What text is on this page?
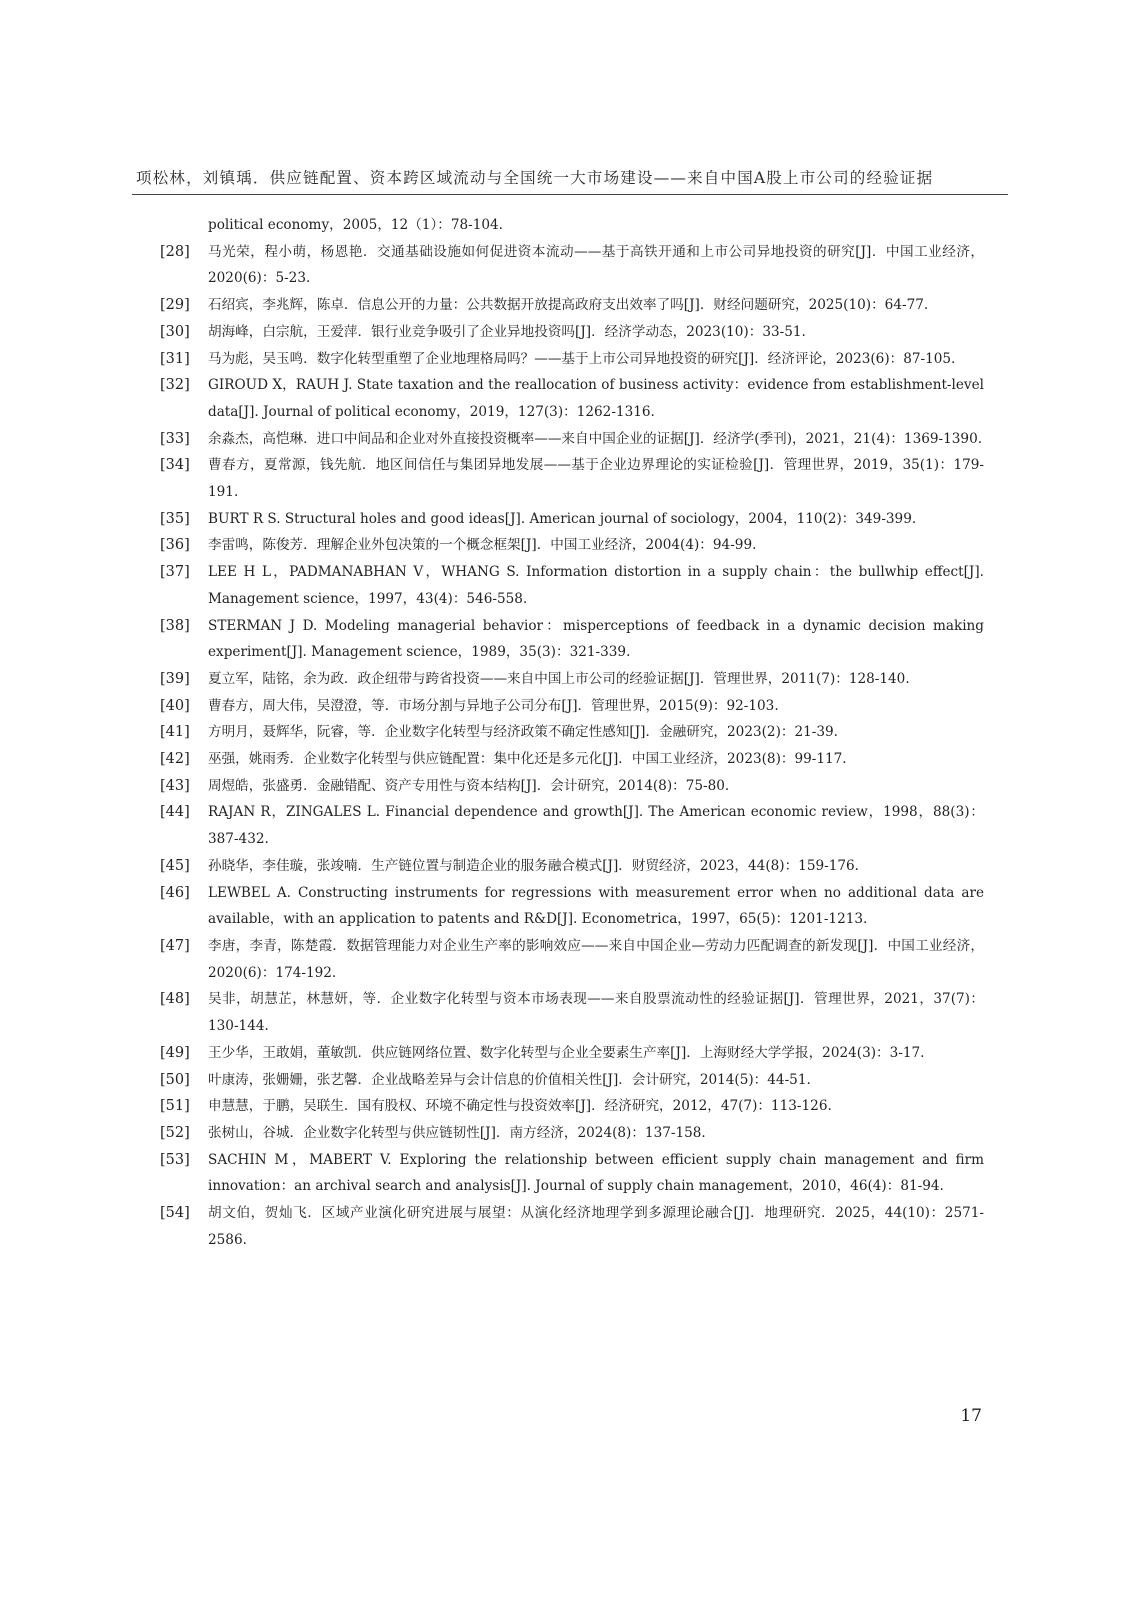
项松林，刘镇瑀．供应链配置、资本跨区域流动与全国统一大市场建设——来自中国A股上市公司的经验证据
political economy，2005，12（1）：78-104.
[28] 马光荣，程小萌，杨恩艳．交通基础设施如何促进资本流动——基于高铁开通和上市公司异地投资的研究[J]．中国工业经济，2020(6)：5-23.
[29] 石绍宾，李兆辉，陈卓．信息公开的力量：公共数据开放提高政府支出效率了吗[J]．财经问题研究，2025(10)：64-77.
[30] 胡海峰，白宗航，王爱萍．银行业竞争吸引了企业异地投资吗[J]．经济学动态，2023(10)：33-51.
[31] 马为彪，吴玉鸣．数字化转型重塑了企业地理格局吗？——基于上市公司异地投资的研究[J]．经济评论，2023(6)：87-105.
[32] GIROUD X，RAUH J. State taxation and the reallocation of business activity：evidence from establishment-level data[J]. Journal of political economy，2019，127(3)：1262-1316.
[33] 余淼杰，高恺琳．进口中间品和企业对外直接投资概率——来自中国企业的证据[J]．经济学(季刊)，2021，21(4)：1369-1390.
[34] 曹春方，夏常源，钱先航．地区间信任与集团异地发展——基于企业边界理论的实证检验[J]．管理世界，2019，35(1)：179-191.
[35] BURT R S. Structural holes and good ideas[J]. American journal of sociology，2004，110(2)：349-399.
[36] 李雷鸣，陈俊芳．理解企业外包决策的一个概念框架[J]．中国工业经济，2004(4)：94-99.
[37] LEE H L，PADMANABHAN V，WHANG S. Information distortion in a supply chain：the bullwhip effect[J]. Management science，1997，43(4)：546-558.
[38] STERMAN J D. Modeling managerial behavior：misperceptions of feedback in a dynamic decision making experiment[J]. Management science，1989，35(3)：321-339.
[39] 夏立军，陆铭，余为政．政企纽带与跨省投资——来自中国上市公司的经验证据[J]．管理世界，2011(7)：128-140.
[40] 曹春方，周大伟，吴澄澄，等．市场分割与异地子公司分布[J]．管理世界，2015(9)：92-103.
[41] 方明月，聂辉华，阮睿，等．企业数字化转型与经济政策不确定性感知[J]．金融研究，2023(2)：21-39.
[42] 巫强，姚雨秀．企业数字化转型与供应链配置：集中化还是多元化[J]．中国工业经济，2023(8)：99-117.
[43] 周煜皓，张盛勇．金融错配、资产专用性与资本结构[J]．会计研究，2014(8)：75-80.
[44] RAJAN R，ZINGALES L. Financial dependence and growth[J]. The American economic review，1998，88(3)：387-432.
[45] 孙晓华，李佳璇，张竣喃．生产链位置与制造企业的服务融合模式[J]．财贸经济，2023，44(8)：159-176.
[46] LEWBEL A. Constructing instruments for regressions with measurement error when no additional data are available，with an application to patents and R&D[J]. Econometrica，1997，65(5)：1201-1213.
[47] 李唐，李青，陈楚霞．数据管理能力对企业生产率的影响效应——来自中国企业—劳动力匹配调查的新发现[J]．中国工业经济，2020(6)：174-192.
[48] 吴非，胡慧芷，林慧妍，等．企业数字化转型与资本市场表现——来自股票流动性的经验证据[J]．管理世界，2021，37(7)：130-144.
[49] 王少华，王敢娟，董敏凯．供应链网络位置、数字化转型与企业全要素生产率[J]．上海财经大学学报，2024(3)：3-17.
[50] 叶康涛，张姗姗，张艺馨．企业战略差异与会计信息的价值相关性[J]．会计研究，2014(5)：44-51.
[51] 申慧慧，于鹏，吴联生．国有股权、环境不确定性与投资效率[J]．经济研究，2012，47(7)：113-126.
[52] 张树山，谷城．企业数字化转型与供应链韧性[J]．南方经济，2024(8)：137-158.
[53] SACHIN M，MABERT V. Exploring the relationship between efficient supply chain management and firm innovation：an archival search and analysis[J]. Journal of supply chain management，2010，46(4)：81-94.
[54] 胡文伯，贺灿飞．区域产业演化研究进展与展望：从演化经济地理学到多源理论融合[J]．地理研究．2025，44(10)：2571-2586.
17
